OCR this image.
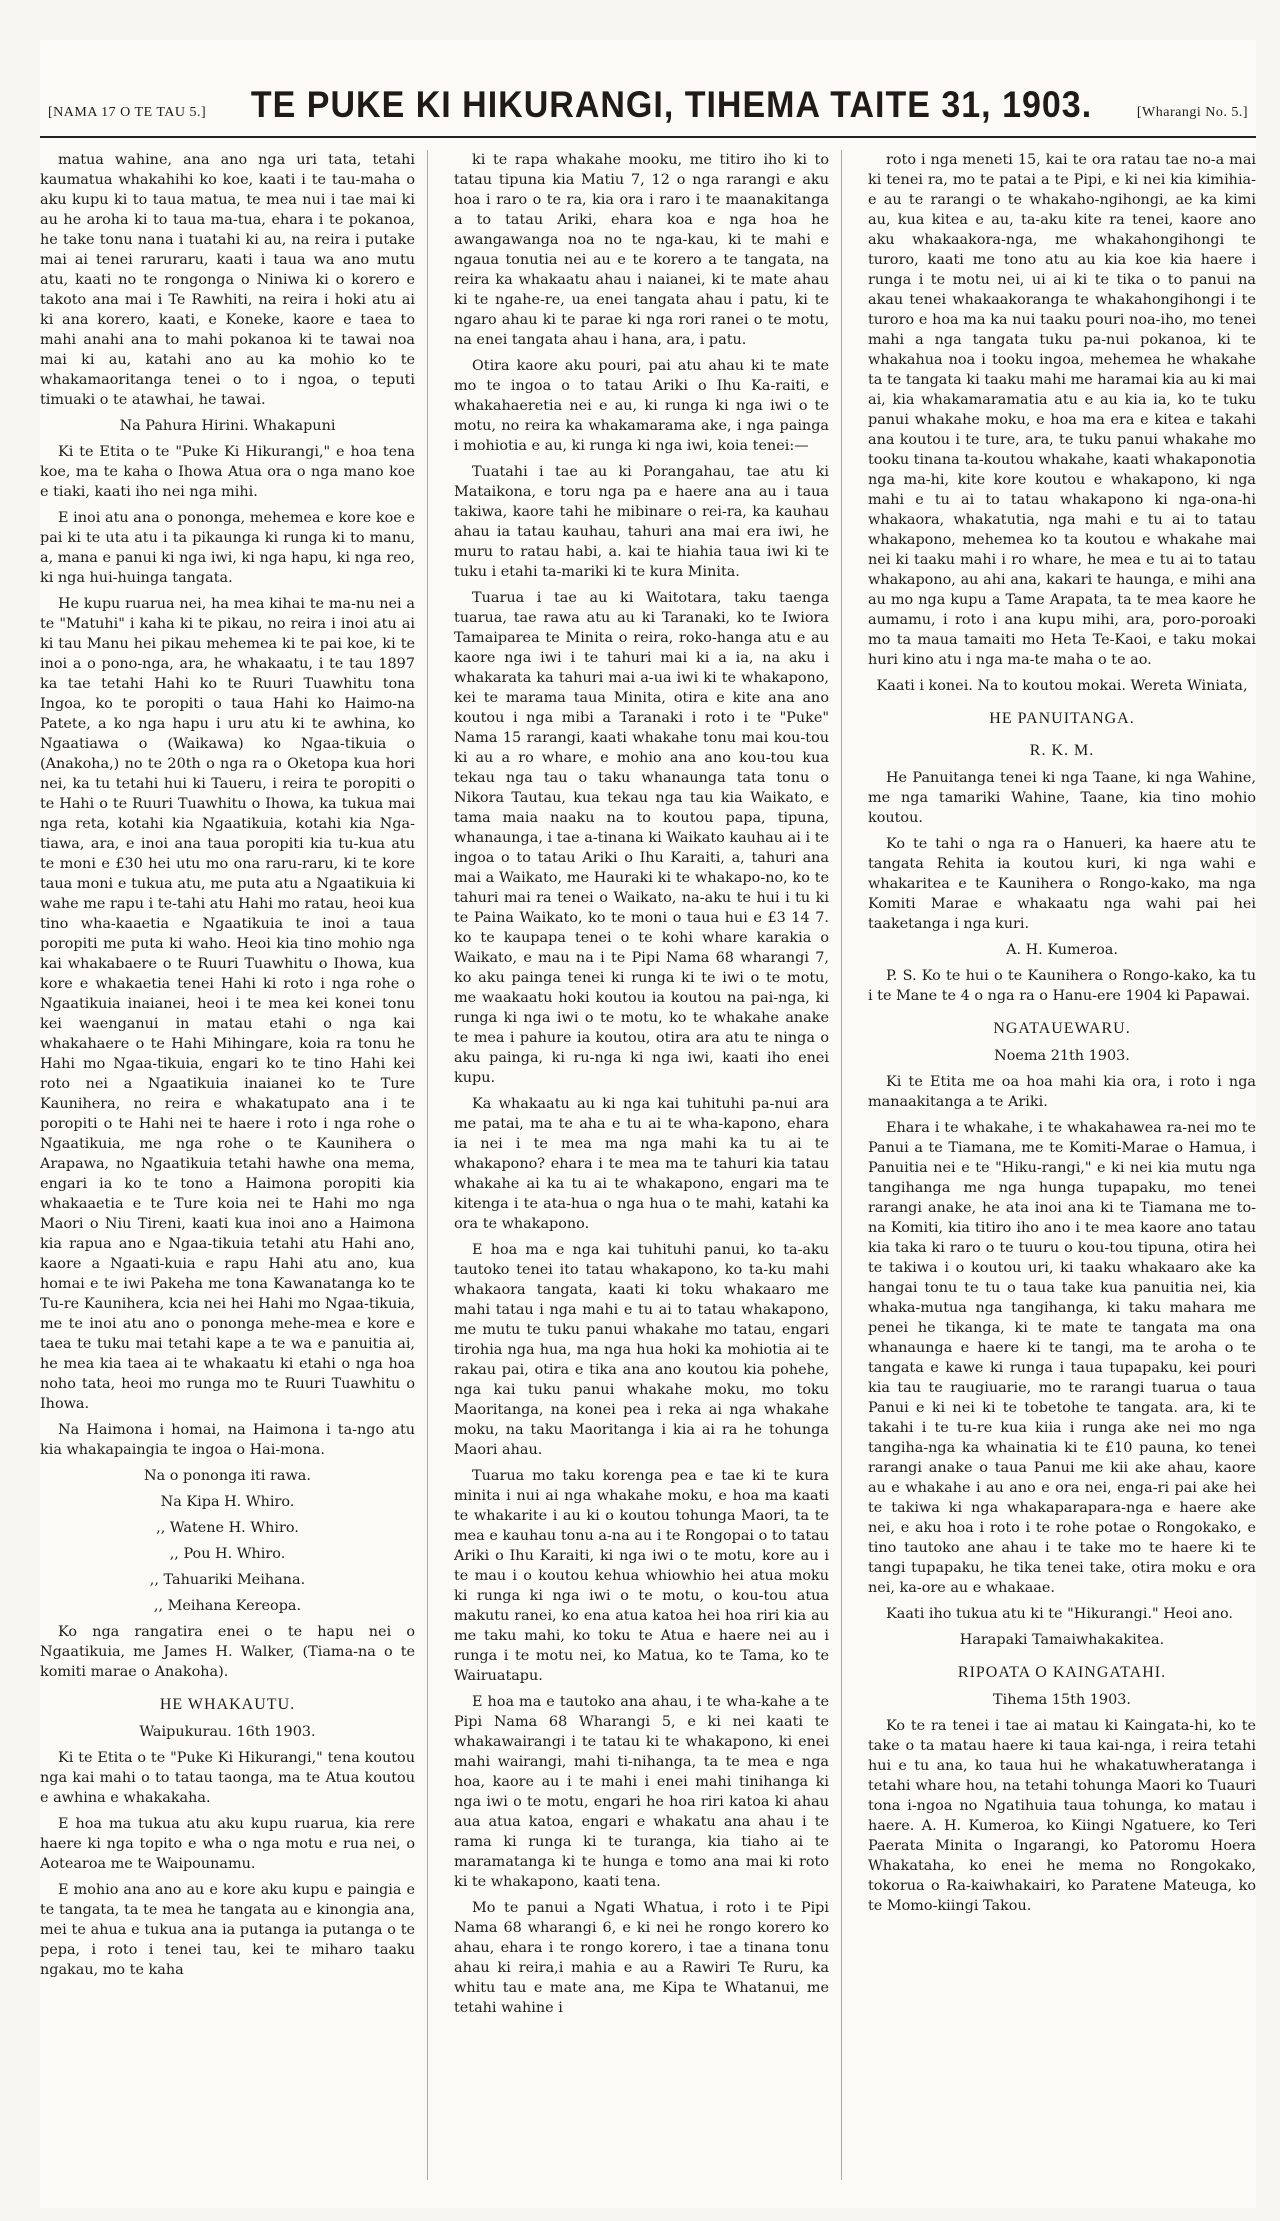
[NAMA 17 O TE TAU 5.] TE PUKE KI HIKURANGI, TIHEMA TAITE 31, 1903.	[Wharangi No. 5.]

matua wahine, ana ano nga uri tata, tetahi kaumatua whakahihi ko koe, kaati i te tau-maha o aku kupu ki to taua matua, te mea nui i tae mai ki au he aroha ki to taua ma-tua, ehara i te pokanoa, he take tonu nana i tuatahi ki au, na reira i putake mai ai tenei raruraru, kaati i taua wa ano mutu atu, kaati no te rongonga o Niniwa ki o korero e takoto ana mai i Te Rawhiti, na reira i hoki atu ai ki ana korero, kaati, e Koneke, kaore e taea to mahi anahi ana to mahi pokanoa ki te tawai noa mai ki au, katahi ano au ka mohio ko te whakamaoritanga tenei o to i ngoa, o teputi timuaki o te atawhai, he tawai.

Na Pahura Hirini. Whakapuni

Ki te Etita o te "Puke Ki Hikurangi," e hoa tena koe, ma te kaha o Ihowa Atua ora o nga mano koe e tiaki, kaati iho nei nga mihi.

E inoi atu ana o pononga, mehemea e kore koe e pai ki te uta atu i ta pikaunga ki runga ki to manu, a, mana e panui ki nga iwi, ki nga hapu, ki nga reo, ki nga hui-huinga tangata.

He kupu ruarua nei, ha mea kihai te ma-nu nei a te "Matuhi" i kaha ki te pikau, no reira i inoi atu ai ki tau Manu hei pikau mehemea ki te pai koe, ki te inoi a o pono-nga, ara, he whakaatu, i te tau 1897 ka tae tetahi Hahi ko te Ruuri Tuawhitu tona Ingoa, ko te poropiti o taua Hahi ko Haimo-na Patete, a ko nga hapu i uru atu ki te awhina, ko Ngaatiawa o (Waikawa) ko Ngaa-tikuia o (Anakoha,) no te 20th o nga ra o Oketopa kua hori nei, ka tu tetahi hui ki Taueru, i reira te poropiti o te Hahi o te Ruuri Tuawhitu o Ihowa, ka tukua mai nga reta, kotahi kia Ngaatikuia, kotahi kia Nga-tiawa, ara, e inoi ana taua poropiti kia tu-kua atu te moni e £30 hei utu mo ona raru-raru, ki te kore taua moni e tukua atu, me puta atu a Ngaatikuia ki wahe me rapu i te-tahi atu Hahi mo ratau, heoi kua tino wha-kaaetia e Ngaatikuia te inoi a taua poropiti me puta ki waho. Heoi kia tino mohio nga kai whakabaere o te Ruuri Tuawhitu o Ihowa, kua kore e whakaetia tenei Hahi ki roto i nga rohe o Ngaatikuia inaianei, heoi i te mea kei konei tonu kei waenganui in matau etahi o nga kai whakahaere o te Hahi Mihingare, koia ra tonu he Hahi mo Ngaa-tikuia, engari ko te tino Hahi kei roto nei a Ngaatikuia inaianei ko te Ture Kaunihera, no reira e whakatupato ana i te poropiti o te Hahi nei te haere i roto i nga rohe o Ngaatikuia, me nga rohe o te Kaunihera o Arapawa, no Ngaatikuia tetahi hawhe ona mema, engari ia ko te tono a Haimona poropiti kia whakaaetia e te Ture koia nei te Hahi mo nga Maori o Niu Tireni, kaati kua inoi ano a Haimona kia rapua ano e Ngaa-tikuia tetahi atu Hahi ano, kaore a Ngaati-kuia e rapu Hahi atu ano, kua homai e te iwi Pakeha me tona Kawanatanga ko te Tu-re Kaunihera, kcia nei hei Hahi mo Ngaa-tikuia, me te inoi atu ano o pononga mehe-mea e kore e taea te tuku mai tetahi kape a te wa e panuitia ai, he mea kia taea ai te whakaatu ki etahi o nga hoa noho tata, heoi mo runga mo te Ruuri Tuawhitu o Ihowa.

Na Haimona i homai, na Haimona i ta-ngo atu kia whakapaingia te ingoa o Hai-mona.

Na o pononga iti rawa.

Na Kipa H. Whiro.

,, Watene H. Whiro.

,, Pou H. Whiro.

,, Tahuariki Meihana.

,, Meihana Kereopa.

Ko nga rangatira enei o te hapu nei o Ngaatikuia, me James H. Walker, (Tiama-na o te komiti marae o Anakoha).

HE WHAKAUTU.

Waipukurau. 16th 1903.

Ki te Etita o te "Puke Ki Hikurangi," tena koutou nga kai mahi o to tatau taonga, ma te Atua koutou e awhina e whakakaha.

E hoa ma tukua atu aku kupu ruarua, kia rere haere ki nga topito e wha o nga motu e rua nei, o Aotearoa me te Waipounamu.

E mohio ana ano au e kore aku kupu e paingia e te tangata, ta te mea he tangata au e kinongia ana, mei te ahua e tukua ana ia putanga ia putanga o te pepa, i roto i tenei tau, kei te miharo taaku ngakau, mo te kaha

ki te rapa whakahe mooku, me titiro iho ki to tatau tipuna kia Matiu 7, 12 o nga rarangi e aku hoa i raro o te ra, kia ora i raro i te maanakitanga a to tatau Ariki, ehara koa e nga hoa he awangawanga noa no te nga-kau, ki te mahi e ngaua tonutia nei au e te korero a te tangata, na reira ka whakaatu ahau i naianei, ki te mate ahau ki te ngahe-re, ua enei tangata ahau i patu, ki te ngaro ahau ki te parae ki nga rori ranei o te motu, na enei tangata ahau i hana, ara, i patu.

Otira kaore aku pouri, pai atu ahau ki te mate mo te ingoa o to tatau Ariki o Ihu Ka-raiti, e whakahaeretia nei e au, ki runga ki nga iwi o te motu, no reira ka whakamarama ake, i nga painga i mohiotia e au, ki runga ki nga iwi, koia tenei:—

Tuatahi i tae au ki Porangahau, tae atu ki Mataikona, e toru nga pa e haere ana au i taua takiwa, kaore tahi he mibinare o rei-ra, ka kauhau ahau ia tatau kauhau, tahuri ana mai era iwi, he muru to ratau habi, a. kai te hiahia taua iwi ki te tuku i etahi ta-mariki ki te kura Minita.

Tuarua i tae au ki Waitotara, taku taenga tuarua, tae rawa atu au ki Taranaki, ko te Iwiora Tamaiparea te Minita o reira, roko-hanga atu e au kaore nga iwi i te tahuri mai ki a ia, na aku i whakarata ka tahuri mai a-ua iwi ki te whakapono, kei te marama taua Minita, otira e kite ana ano koutou i nga mibi a Taranaki i roto i te "Puke" Nama 15 rarangi, kaati whakahe tonu mai kou-tou ki au a ro whare, e mohio ana ano kou-tou kua tekau nga tau o taku whanaunga tata tonu o Nikora Tautau, kua tekau nga tau kia Waikato, e tama maia naaku na to koutou papa, tipuna, whanaunga, i tae a-tinana ki Waikato kauhau ai i te ingoa o to tatau Ariki o Ihu Karaiti, a, tahuri ana mai a Waikato, me Hauraki ki te whakapo-no, ko te tahuri mai ra tenei o Waikato, na-aku te hui i tu ki te Paina Waikato, ko te moni o taua hui e £3 14 7. ko te kaupapa tenei o te kohi whare karakia o Waikato, e mau na i te Pipi Nama 68 wharangi 7, ko aku painga tenei ki runga ki te iwi o te motu, me waakaatu hoki koutou ia koutou na pai-nga, ki runga ki nga iwi o te motu, ko te whakahe anake te mea i pahure ia koutou, otira ara atu te ninga o aku painga, ki ru-nga ki nga iwi, kaati iho enei kupu.

Ka whakaatu au ki nga kai tuhituhi pa-nui ara me patai, ma te aha e tu ai te wha-kapono, ehara ia nei i te mea ma nga mahi ka tu ai te whakapono? ehara i te mea ma te tahuri kia tatau whakahe ai ka tu ai te whakapono, engari ma te kitenga i te ata-hua o nga hua o te mahi, katahi ka ora te whakapono.

E hoa ma e nga kai tuhituhi panui, ko ta-aku tautoko tenei ito tatau whakapono, ko ta-ku mahi whakaora tangata, kaati ki toku whakaaro me mahi tatau i nga mahi e tu ai to tatau whakapono, me mutu te tuku panui whakahe mo tatau, engari tirohia nga hua, ma nga hua hoki ka mohiotia ai te rakau pai, otira e tika ana ano koutou kia pohehe, nga kai tuku panui whakahe moku, mo toku Maoritanga, na konei pea i reka ai nga whakahe moku, na taku Maoritanga i kia ai ra he tohunga Maori ahau.

Tuarua mo taku korenga pea e tae ki te kura minita i nui ai nga whakahe moku, e hoa ma kaati te whakarite i au ki o koutou tohunga Maori, ta te mea e kauhau tonu a-na au i te Rongopai o to tatau Ariki o Ihu Karaiti, ki nga iwi o te motu, kore au i te mau i o koutou kehua whiowhio hei atua moku ki runga ki nga iwi o te motu, o kou-tou atua makutu ranei, ko ena atua katoa hei hoa riri kia au me taku mahi, ko toku te Atua e haere nei au i runga i te motu nei, ko Matua, ko te Tama, ko te Wairuatapu.

E hoa ma e tautoko ana ahau, i te wha-kahe a te Pipi Nama 68 Wharangi 5, e ki nei kaati te whakawairangi i te tatau ki te whakapono, ki enei mahi wairangi, mahi ti-nihanga, ta te mea e nga hoa, kaore au i te mahi i enei mahi tinihanga ki nga iwi o te motu, engari he hoa riri katoa ki ahau aua atua katoa, engari e whakatu ana ahau i te rama ki runga ki te turanga, kia tiaho ai te maramatanga ki te hunga e tomo ana mai ki roto ki te whakapono, kaati tena.

Mo te panui a Ngati Whatua, i roto i te Pipi Nama 68 wharangi 6, e ki nei he rongo korero ko ahau, ehara i te rongo korero, i tae a tinana tonu ahau ki reira,i mahia e au a Rawiri Te Ruru, ka whitu tau e mate ana, me Kipa te Whatanui, me tetahi wahine i

roto i nga meneti 15, kai te ora ratau tae no-a mai ki tenei ra, mo te patai a te Pipi, e ki nei kia kimihia-e au te rarangi o te whakaho-ngihongi, ae ka kimi au, kua kitea e au, ta-aku kite ra tenei, kaore ano aku whakaakora-nga, me whakahongihongi te turoro, kaati me tono atu au kia koe kia haere i runga i te motu nei, ui ai ki te tika o to panui na akau tenei whakaakoranga te whakahongihongi i te turoro e hoa ma ka nui taaku pouri noa-iho, mo tenei mahi a nga tangata tuku pa-nui pokanoa, ki te whakahua noa i tooku ingoa, mehemea he whakahe ta te tangata ki taaku mahi me haramai kia au ki mai ai, kia whakamaramatia atu e au kia ia, ko te tuku panui whakahe moku, e hoa ma era e kitea e takahi ana koutou i te ture, ara, te tuku panui whakahe mo tooku tinana ta-koutou whakahe, kaati whakaponotia nga ma-hi, kite kore koutou e whakapono, ki nga mahi e tu ai to tatau whakapono ki nga-ona-hi whakaora, whakatutia, nga mahi e tu ai to tatau whakapono, mehemea ko ta koutou e whakahe mai nei ki taaku mahi i ro whare, he mea e tu ai to tatau whakapono, au ahi ana, kakari te haunga, e mihi ana au mo nga kupu a Tame Arapata, ta te mea kaore he aumamu, i roto i ana kupu mihi, ara, poro-poroaki mo ta maua tamaiti mo Heta Te-Kaoi, e taku mokai huri kino atu i nga ma-te maha o te ao.

Kaati i konei. Na to koutou mokai. Wereta Winiata,

HE PANUITANGA.
R. K. M.

He Panuitanga tenei ki nga Taane, ki nga Wahine, me nga tamariki Wahine, Taane, kia tino mohio koutou.

Ko te tahi o nga ra o Hanueri, ka haere atu te tangata Rehita ia koutou kuri, ki nga wahi e whakaritea e te Kaunihera o Rongo-kako, ma nga Komiti Marae e whakaatu nga wahi pai hei taaketanga i nga kuri.

A. H. Kumeroa.

P. S. Ko te hui o te Kaunihera o Rongo-kako, ka tu i te Mane te 4 o nga ra o Hanu-ere 1904 ki Papawai.

NGATAUEWARU.

Noema 21th 1903.

Ki te Etita me oa hoa mahi kia ora, i roto i nga manaakitanga a te Ariki.

Ehara i te whakahe, i te whakahawea ra-nei mo te Panui a te Tiamana, me te Komiti-Marae o Hamua, i Panuitia nei e te "Hiku-rangi," e ki nei kia mutu nga tangihanga me nga hunga tupapaku, mo tenei rarangi anake, he ata inoi ana ki te Tiamana me to-na Komiti, kia titiro iho ano i te mea kaore ano tatau kia taka ki raro o te tuuru o kou-tou tipuna, otira hei te takiwa i o koutou uri, ki taaku whakaaro ake ka hangai tonu te tu o taua take kua panuitia nei, kia whaka-mutua nga tangihanga, ki taku mahara me penei he tikanga, ki te mate te tangata ma ona whanaunga e haere ki te tangi, ma te aroha o te tangata e kawe ki runga i taua tupapaku, kei pouri kia tau te raugiuarie, mo te rarangi tuarua o taua Panui e ki nei ki te tobetohe te tangata. ara, ki te takahi i te tu-re kua kiia i runga ake nei mo nga tangiha-nga ka whainatia ki te £10 pauna, ko tenei rarangi anake o taua Panui me kii ake ahau, kaore au e whakahe i au ano e ora nei, enga-ri pai ake hei te takiwa ki nga whakaparapara-nga e haere ake nei, e aku hoa i roto i te rohe potae o Rongokako, e tino tautoko ane ahau i te take mo te haere ki te tangi tupapaku, he tika tenei take, otira moku e ora nei, ka-ore au e whakaae.

Kaati iho tukua atu ki te "Hikurangi." Heoi ano.

Harapaki Tamaiwhakakitea.

RIPOATA O KAINGATAHI.

Tihema 15th 1903.

Ko te ra tenei i tae ai matau ki Kaingata-hi, ko te take o ta matau haere ki taua kai-nga, i reira tetahi hui e tu ana, ko taua hui he whakatuwheratanga i tetahi whare hou, na tetahi tohunga Maori ko Tuauri tona i-ngoa no Ngatihuia taua tohunga, ko matau i haere. A. H. Kumeroa, ko Kiingi Ngatuere, ko Teri Paerata Minita o Ingarangi, ko Patoromu Hoera Whakataha, ko enei he mema no Rongokako, tokorua o Ra-kaiwhakairi, ko Paratene Mateuga, ko te Momo-kiingi Takou.
